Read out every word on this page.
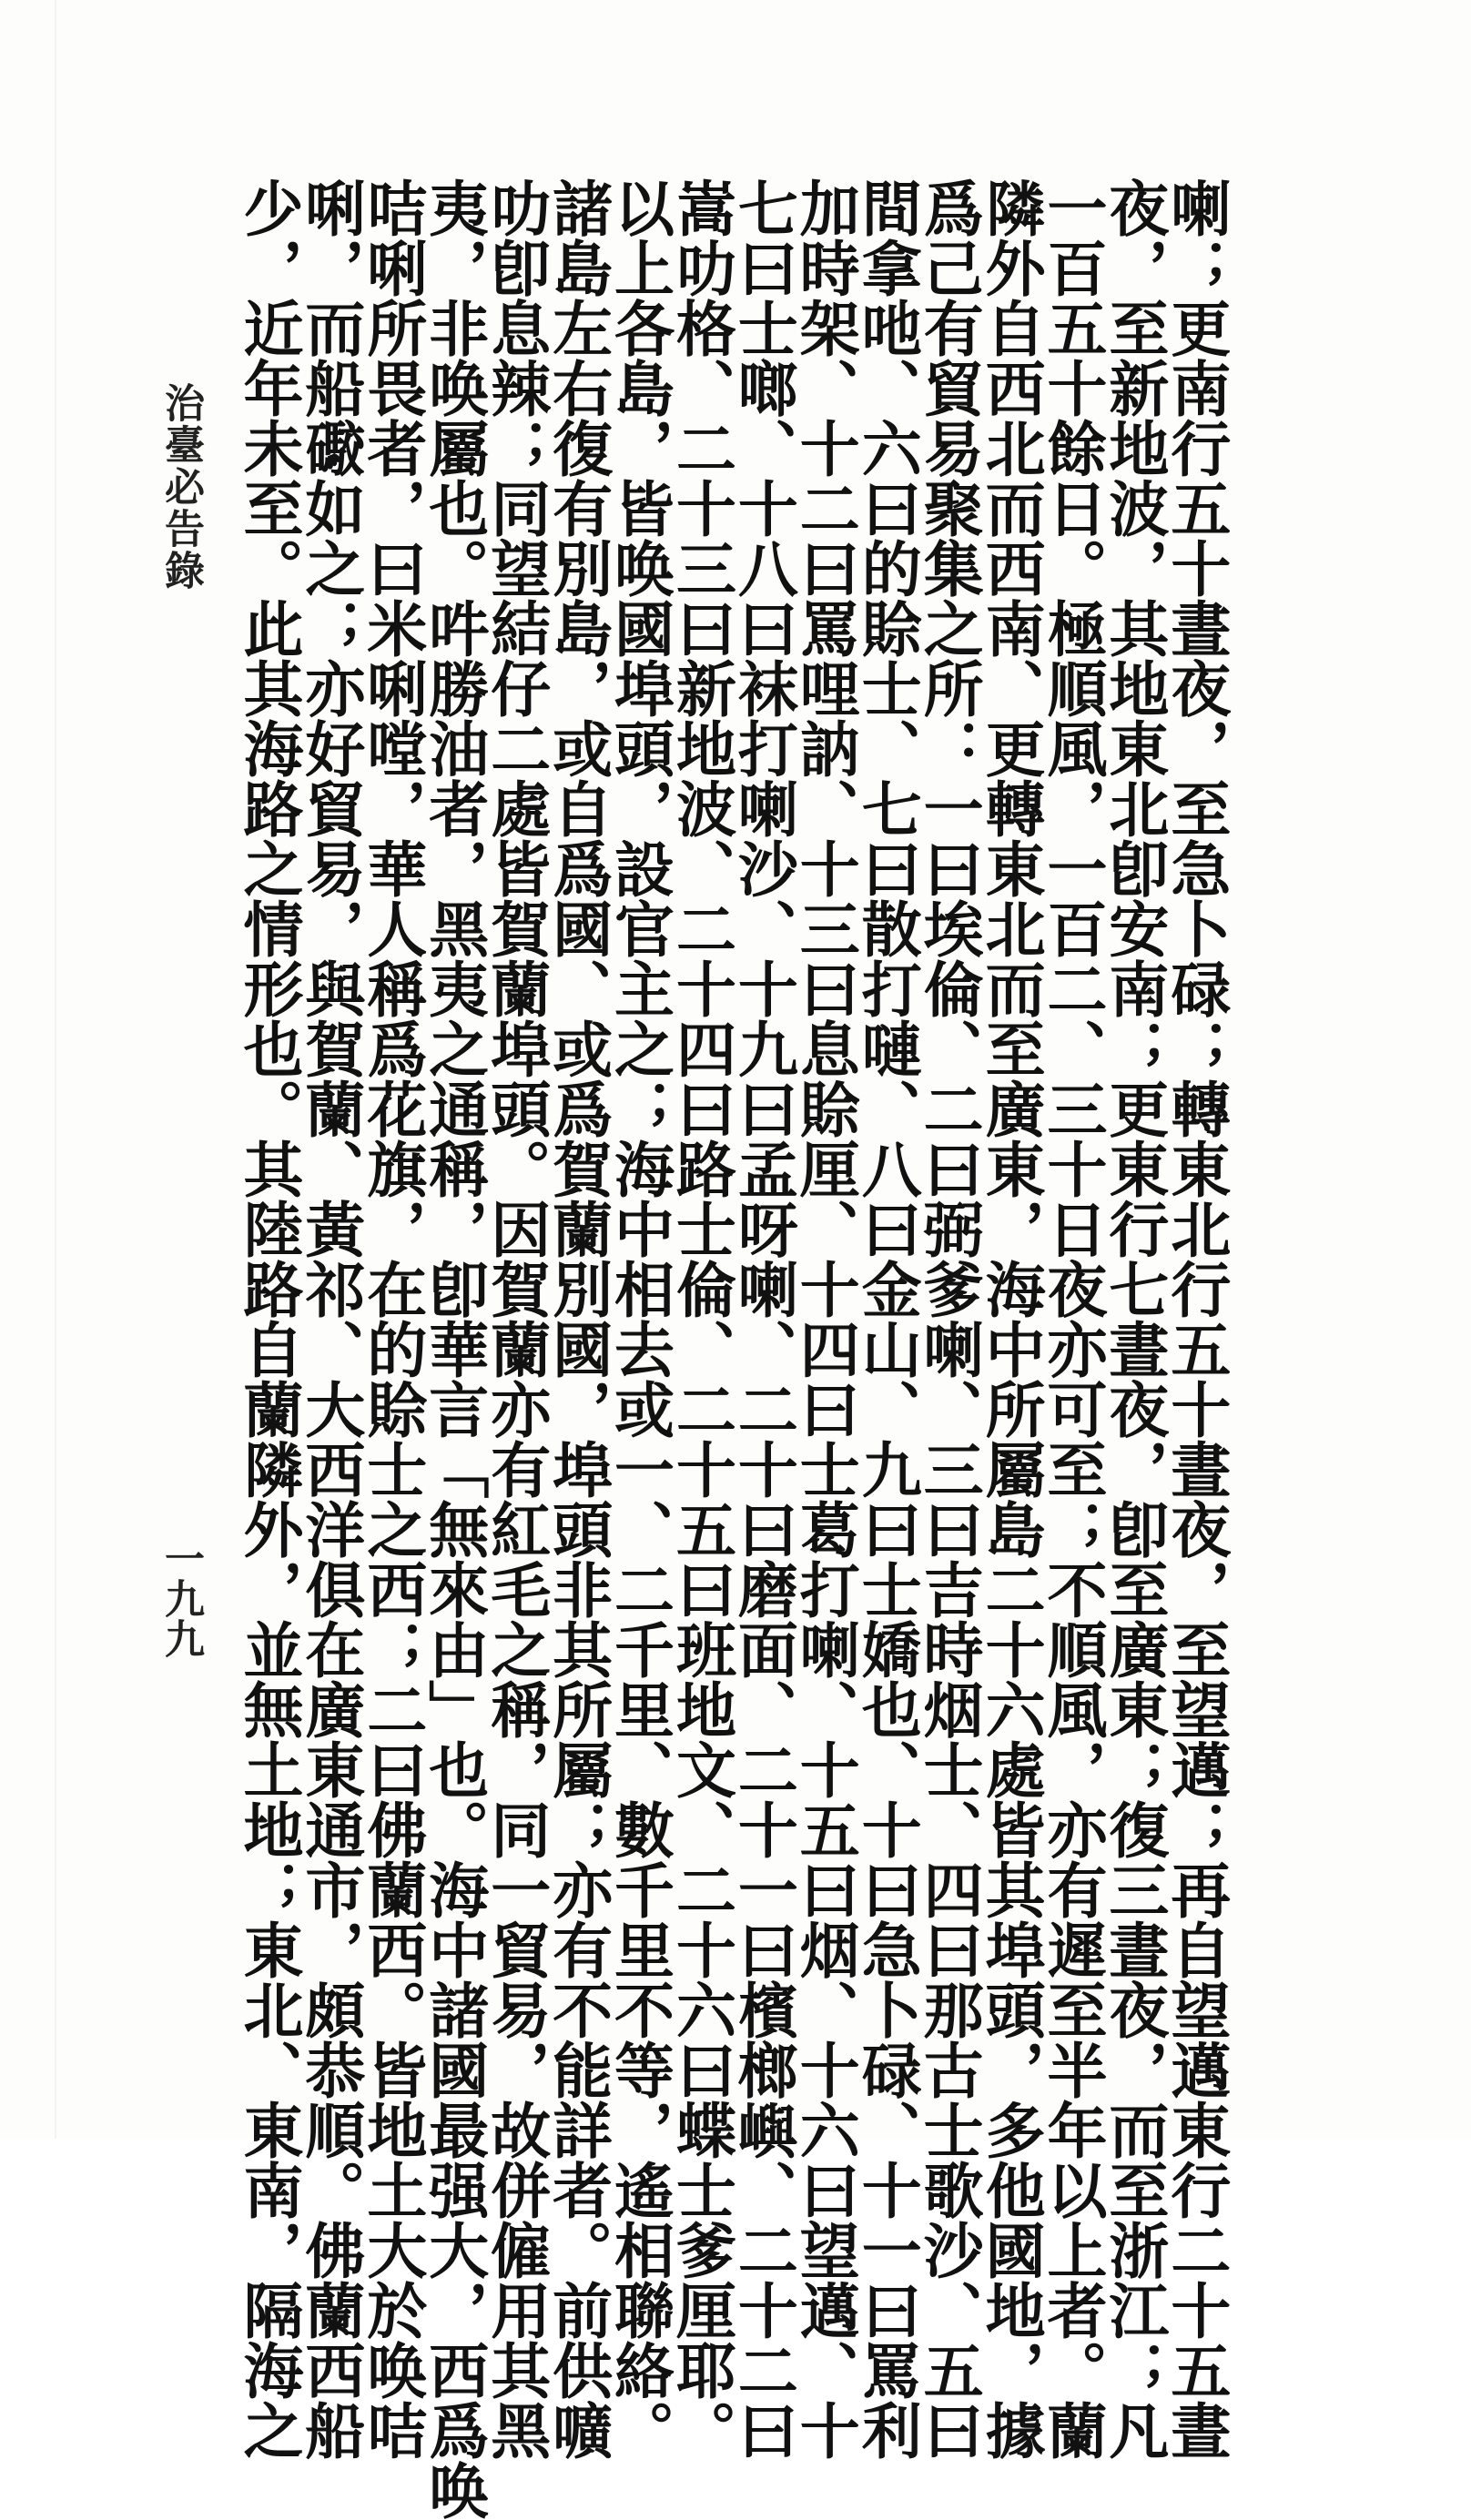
喇；更南行五十晝夜，至急卜碌；轉東北行五十晝夜，至望邁；再自望邁東行二十五晝
夜，至新地波，其地東北卽安南；更東行七晝夜，卽至廣東；復三晝夜，而至浙江；凡
一百五十餘日。極順風，一百二、三十日夜亦可至；不順風，亦有遲至半年以上者。蘭
隣外自西北而西南、更轉東北而至廣東，海中所屬島二十六處皆其埠頭，多他國地，據
爲己有貿易聚集之所：一曰埃倫、二曰弼爹喇、三曰吉時烟士、四曰那古士歌沙、五曰
間拿吔、六曰的賒士、七曰散打嗹、八曰金山、九曰士嬌也、十曰急卜碌、十一曰罵利
加時架、十二曰罵哩訥、十三曰息賒厘、十四曰士葛打喇、十五曰烟、十六曰望邁、十
七曰士啷、十八曰袜打喇沙、十九曰孟呀喇、二十曰磨面、二十一曰檳榔嶼、二十二曰
嵩叻格、二十三曰新地波、二十四曰路士倫、二十五曰班地文、二十六曰蝶士爹厘耶。
以上各島，皆唤國埠頭，設官主之；海中相去或一、二千里、數千里不等，遙相聯絡。
諸島左右復有別島，或自爲國、或爲賀蘭別國，埠頭非其所屬；亦有不能詳者。前供嚝
叻卽息辣；同望結仔二處皆賀蘭埠頭。因賀蘭亦有紅毛之稱，同一貿易，故併僱用其黑
夷，非唤屬也。吽勝油者，黑夷之通稱，卽華言「無來由」也。海中諸國最强大，西爲唤
咭唎所畏者，曰米唎嘡，華人稱爲花旗，在的賒士之西；二曰佛蘭西。皆地土大於唤咭
唎，而船礮如之；亦好貿易，與賀蘭、黃祁、大西洋俱在廣東通市，頗恭順。佛蘭西船
少，近年未至。此其海路之情形也。其陸路自蘭隣外，並無土地；東北、東南，隔海之
治臺必告錄
一九九
